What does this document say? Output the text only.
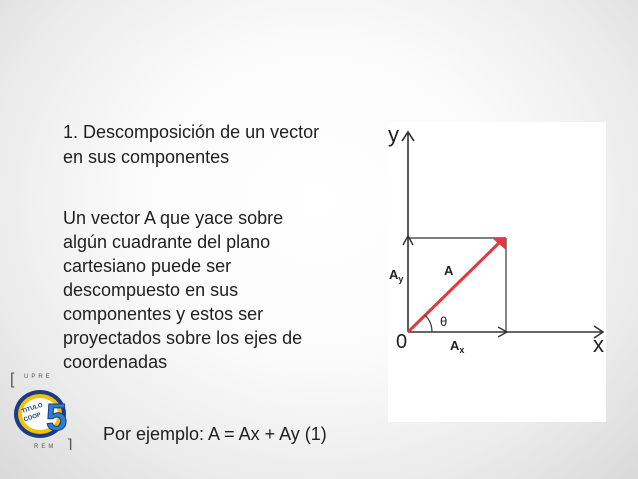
1. Descomposición de un vector
en sus componentes

Un vector A que yace sobre
algún cuadrante del plano
cartesiano puede ser
descompuesto en sus
componentes y estos ser
proyectados sobre los ejes de
coordenadas

Por ejemplo: A = Ax + Ay (1)
y
x
0
A
$A_y$
$A_x$
θ
[ UPRE
TITULO
COOP 5
REM ]
